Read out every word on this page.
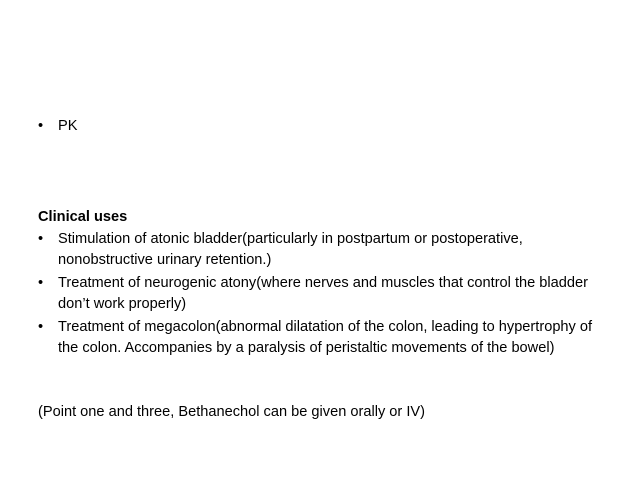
•	PK
Clinical uses
•	Stimulation of atonic bladder(particularly in postpartum or postoperative, nonobstructive urinary retention.)
•	Treatment of neurogenic atony(where nerves and muscles that control the bladder don’t work properly)
•	Treatment of megacolon(abnormal dilatation of the colon, leading to hypertrophy of the colon. Accompanies by a paralysis of peristaltic movements of the bowel)
(Point one and three, Bethanechol can be given orally or IV)
